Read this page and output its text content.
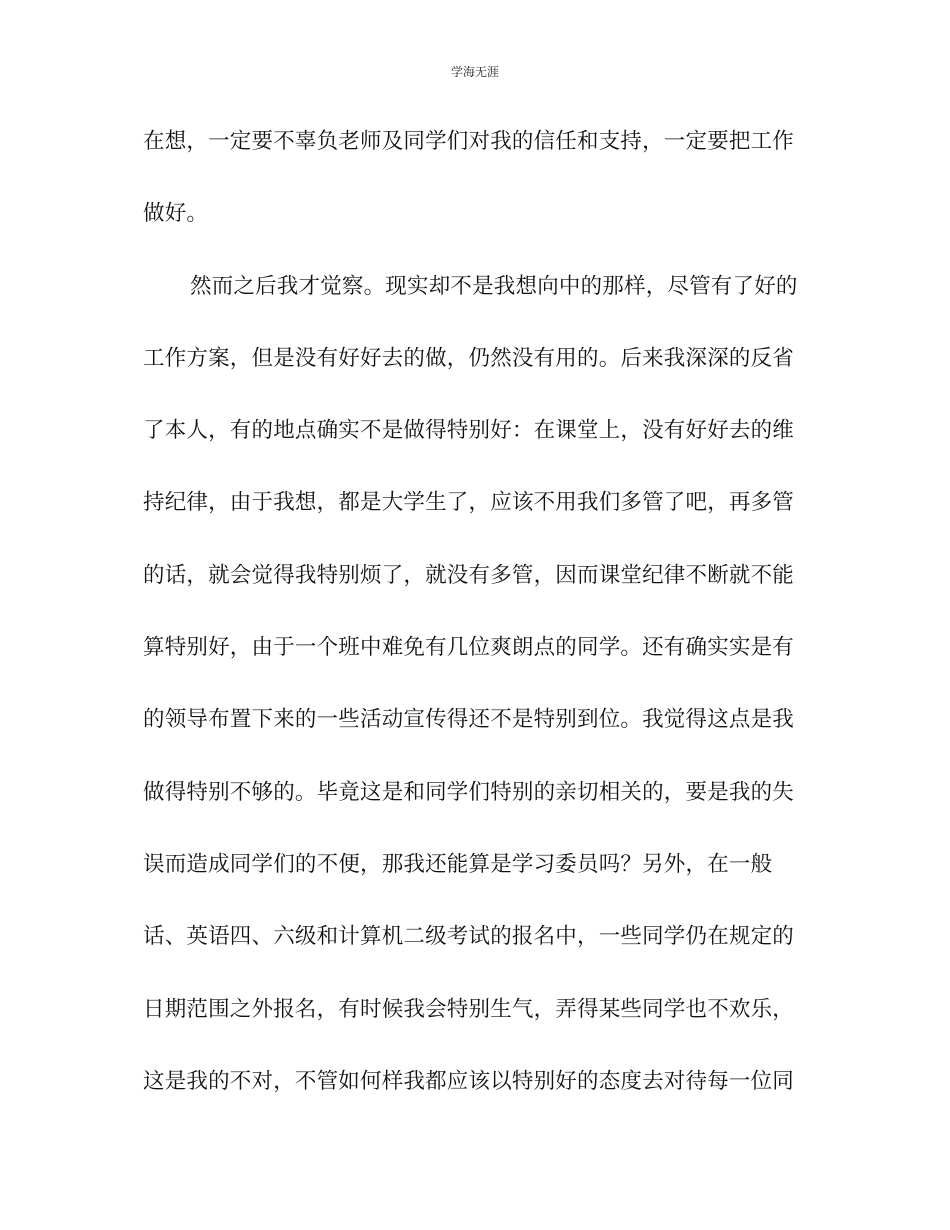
学海无涯
在想，一定要不辜负老师及同学们对我的信任和支持，一定要把工作
做好。
然而之后我才觉察。现实却不是我想向中的那样，尽管有了好的
工作方案，但是没有好好去的做，仍然没有用的。后来我深深的反省
了本人，有的地点确实不是做得特别好：在课堂上，没有好好去的维
持纪律，由于我想，都是大学生了，应该不用我们多管了吧，再多管
的话，就会觉得我特别烦了，就没有多管，因而课堂纪律不断就不能
算特别好，由于一个班中难免有几位爽朗点的同学。还有确实实是有
的领导布置下来的一些活动宣传得还不是特别到位。我觉得这点是我
做得特别不够的。毕竟这是和同学们特别的亲切相关的，要是我的失
误而造成同学们的不便，那我还能算是学习委员吗？另外，在一般
话、英语四、六级和计算机二级考试的报名中，一些同学仍在规定的
日期范围之外报名，有时候我会特别生气，弄得某些同学也不欢乐，
这是我的不对，不管如何样我都应该以特别好的态度去对待每一位同
